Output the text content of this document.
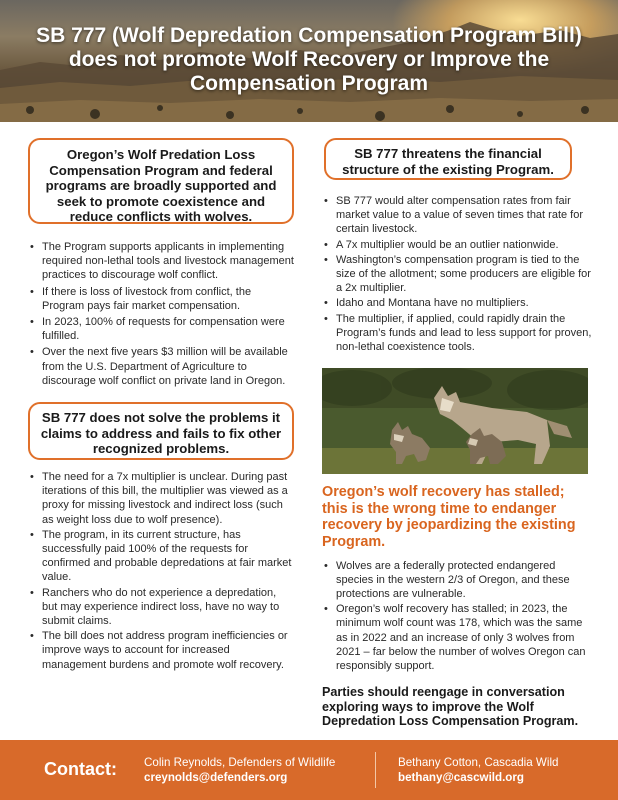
SB 777 (Wolf Depredation Compensation Program Bill) does not promote Wolf Recovery or Improve the Compensation Program
Oregon’s Wolf Predation Loss Compensation Program and federal programs are broadly supported and seek to promote coexistence and reduce conflicts with wolves.
• The Program supports applicants in implementing required non-lethal tools and livestock management practices to discourage wolf conflict.
• If there is loss of livestock from conflict, the Program pays fair market compensation.
• In 2023, 100% of requests for compensation were fulfilled.
• Over the next five years $3 million will be available from the U.S. Department of Agriculture to discourage wolf conflict on private land in Oregon.
SB 777 does not solve the problems it claims to address and fails to fix other recognized problems.
• The need for a 7x multiplier is unclear. During past iterations of this bill, the multiplier was viewed as a proxy for missing livestock and indirect loss (such as weight loss due to wolf presence).
• The program, in its current structure, has successfully paid 100% of the requests for confirmed and probable depredations at fair market value.
• Ranchers who do not experience a depredation, but may experience indirect loss, have no way to submit claims.
• The bill does not address program inefficiencies or improve ways to account for increased management burdens and promote wolf recovery.
SB 777 threatens the financial structure of the existing Program.
• SB 777 would alter compensation rates from fair market value to a value of seven times that rate for certain livestock.
• A 7x multiplier would be an outlier nationwide.
• Washington’s compensation program is tied to the size of the allotment; some producers are eligible for a 2x multiplier.
• Idaho and Montana have no multipliers.
• The multiplier, if applied, could rapidly drain the Program’s funds and lead to less support for proven, non-lethal coexistence tools.
Oregon’s wolf recovery has stalled; this is the wrong time to endanger recovery by jeopardizing the existing Program.
• Wolves are a federally protected endangered species in the western 2/3 of Oregon, and these protections are vulnerable.
• Oregon’s wolf recovery has stalled; in 2023, the minimum wolf count was 178, which was the same as in 2022 and an increase of only 3 wolves from 2021 – far below the number of wolves Oregon can responsibly support.
Parties should reengage in conversation exploring ways to improve the Wolf Depredation Loss Compensation Program.
Contact: Colin Reynolds, Defenders of Wildlife
creynolds@defenders.org
Bethany Cotton, Cascadia Wild
bethany@cascwild.org
